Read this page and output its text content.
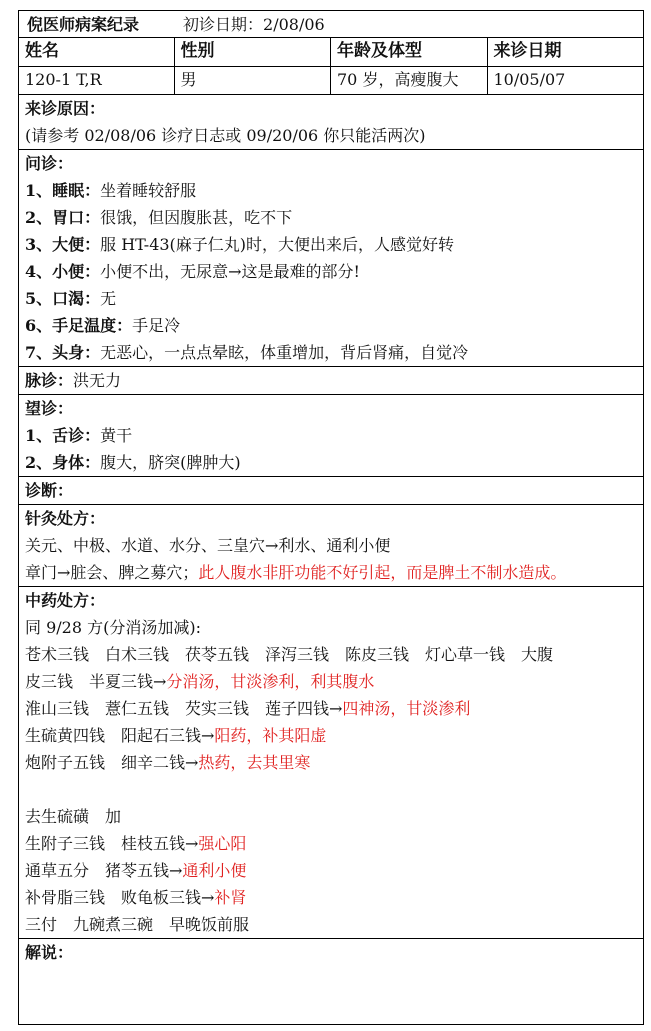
倪医师病案纪录	初诊日期：2/08/06
姓名	性别	年龄及体型	来诊日期
120-1 T,R	男	70 岁，高瘦腹大	10/05/07
来诊原因：
(请参考 02/08/06 诊疗日志或 09/20/06 你只能活两次)
问诊：
1、睡眠：坐着睡较舒服
2、胃口：很饿，但因腹胀甚，吃不下
3、大便：服 HT-43(麻子仁丸)时，大便出来后，人感觉好转
4、小便：小便不出，无尿意→这是最难的部分!
5、口渴：无
6、手足温度：手足冷
7、头身：无恶心，一点点晕眩，体重增加，背后肾痛，自觉冷
脉诊：洪无力
望诊：
1、舌诊：黄干
2、身体：腹大，脐突(脾肿大)
诊断：
针灸处方：
关元、中极、水道、水分、三皇穴→利水、通利小便
章门→脏会、脾之募穴；此人腹水非肝功能不好引起，而是脾土不制水造成。
中药处方：
同 9/28 方(分消汤加减):
苍术三钱　白术三钱　茯苓五钱　泽泻三钱　陈皮三钱　灯心草一钱　大腹
皮三钱　半夏三钱→分消汤，甘淡渗利，利其腹水
淮山三钱　薏仁五钱　芡实三钱　莲子四钱→四神汤，甘淡渗利
生硫黄四钱　阳起石三钱→阳药，补其阳虚
炮附子五钱　细辛二钱→热药，去其里寒
去生硫磺　加
生附子三钱　桂枝五钱→强心阳
通草五分　猪苓五钱→通利小便
补骨脂三钱　败龟板三钱→补肾
三付　九碗煮三碗　早晚饭前服
解说：
